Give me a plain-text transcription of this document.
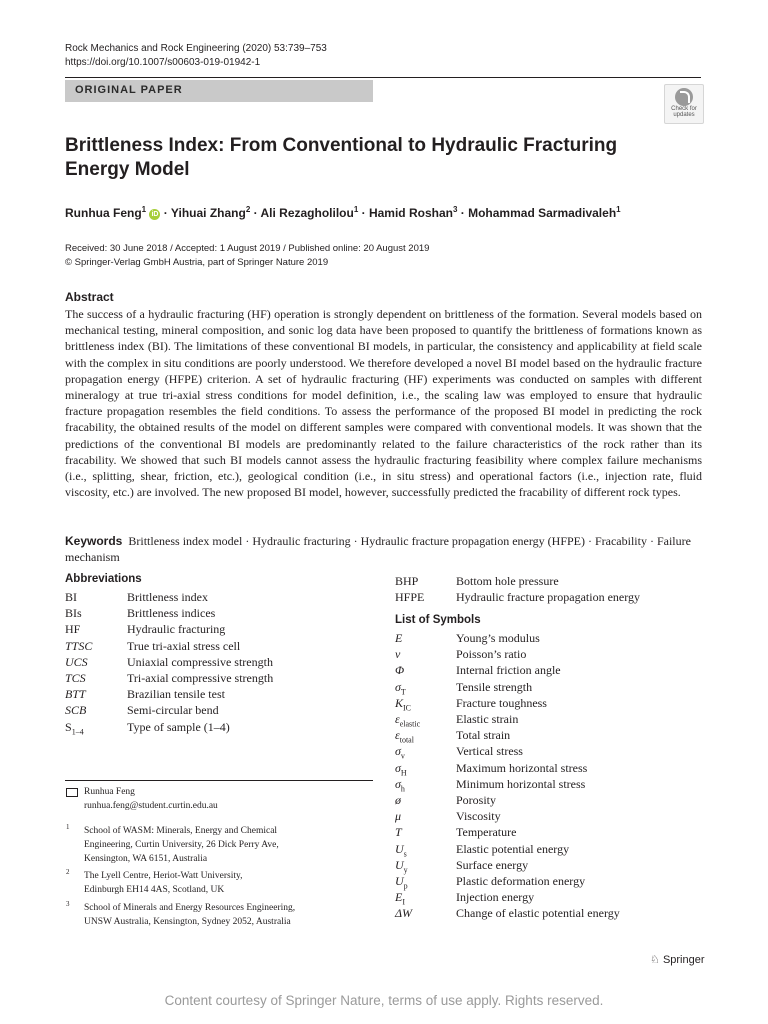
Rock Mechanics and Rock Engineering (2020) 53:739–753
https://doi.org/10.1007/s00603-019-01942-1
ORIGINAL PAPER
Check for
updates
Brittleness Index: From Conventional to Hydraulic Fracturing Energy Model
Runhua Feng$^1$ iD · Yihuai Zhang$^2$ · Ali Rezagholilou$^1$ · Hamid Roshan$^3$ · Mohammad Sarmadivaleh$^1$
Received: 30 June 2018 / Accepted: 1 August 2019 / Published online: 20 August 2019
© Springer-Verlag GmbH Austria, part of Springer Nature 2019
Abstract
The success of a hydraulic fracturing (HF) operation is strongly dependent on brittleness of the formation. Several models based on mechanical testing, mineral composition, and sonic log data have been proposed to quantify the brittleness of formations known as brittleness index (BI). The limitations of these conventional BI models, in particular, the consistency and applicability at field scale with the complex in situ conditions are poorly understood. We therefore developed a novel BI model based on the hydraulic fracture propagation energy (HFPE) criterion. A set of hydraulic fracturing (HF) experiments was conducted on samples with different mineralogy at true tri-axial stress conditions for model definition, i.e., the scaling law was employed to ensure that hydraulic fracture propagation resembles the field conditions. To assess the performance of the proposed BI model in predicting the rock fracability, the obtained results of the model on different samples were compared with conventional models. It was shown that the predictions of the conventional BI models are predominantly related to the failure characteristics of the rock rather than its fracability. We showed that such BI models cannot assess the hydraulic fracturing feasibility where complex failure mechanisms (i.e., splitting, shear, friction, etc.), geological condition (i.e., in situ stress) and operational factors (i.e., injection rate, fluid viscosity, etc.) are involved. The new proposed BI model, however, successfully predicted the fracability of different rock types.
Keywords Brittleness index model · Hydraulic fracturing · Hydraulic fracture propagation energy (HFPE) · Fracability · Failure mechanism
Abbreviations
BI	Brittleness index
BIs	Brittleness indices
HF	Hydraulic fracturing
TTSC	True tri-axial stress cell
UCS	Uniaxial compressive strength
TCS	Tri-axial compressive strength
BTT	Brazilian tensile test
SCB	Semi-circular bend
$S_{1-4}$	Type of sample (1–4)
BHP	Bottom hole pressure
HFPE	Hydraulic fracture propagation energy
List of Symbols
E	Young’s modulus
v	Poisson’s ratio
Φ	Internal friction angle
$\sigma_T$	Tensile strength
$K_{IC}$	Fracture toughness
$\varepsilon_{elastic}$	Elastic strain
$\varepsilon_{total}$	Total strain
$\sigma_v$	Vertical stress
$\sigma_H$	Maximum horizontal stress
$\sigma_h$	Minimum horizontal stress
ø	Porosity
μ	Viscosity
T	Temperature
$U_s$	Elastic potential energy
$U_y$	Surface energy
$U_p$	Plastic deformation energy
$E_I$	Injection energy
ΔW	Change of elastic potential energy
Runhua Feng
runhua.feng@student.curtin.edu.au
1 School of WASM: Minerals, Energy and Chemical
Engineering, Curtin University, 26 Dick Perry Ave,
Kensington, WA 6151, Australia
2 The Lyell Centre, Heriot-Watt University,
Edinburgh EH14 4AS, Scotland, UK
3 School of Minerals and Energy Resources Engineering,
UNSW Australia, Kensington, Sydney 2052, Australia
♘ Springer
Content courtesy of Springer Nature, terms of use apply. Rights reserved.
